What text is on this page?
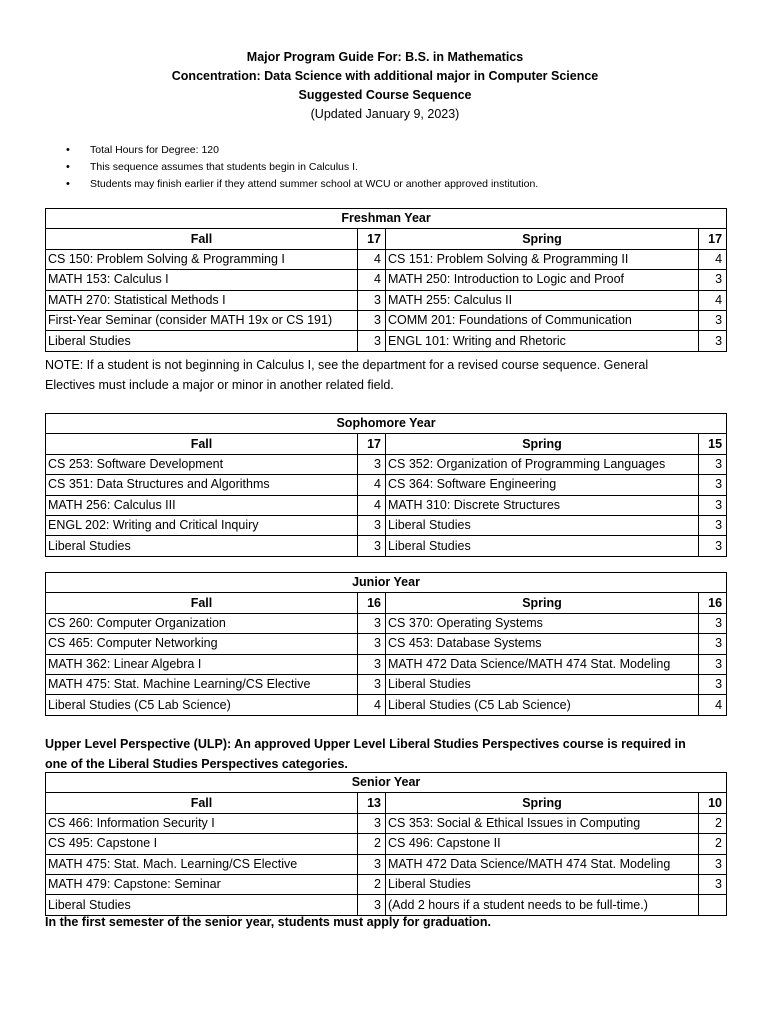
Major Program Guide For: B.S. in Mathematics
Concentration: Data Science with additional major in Computer Science
Suggested Course Sequence
(Updated January 9, 2023)
• Total Hours for Degree: 120
• This sequence assumes that students begin in Calculus I.
• Students may finish earlier if they attend summer school at WCU or another approved institution.
Freshman Year			
Fall	17	Spring	17
CS 150: Problem Solving & Programming I	4	CS 151: Problem Solving & Programming II	4
MATH 153: Calculus I	4	MATH 250: Introduction to Logic and Proof	3
MATH 270: Statistical Methods I	3	MATH 255: Calculus II	4
First-Year Seminar (consider MATH 19x or CS 191)	3	COMM 201: Foundations of Communication	3
Liberal Studies	3	ENGL 101: Writing and Rhetoric	3
NOTE: If a student is not beginning in Calculus I, see the department for a revised course sequence. General
Electives must include a major or minor in another related field.
Sophomore Year			
Fall	17	Spring	15
CS 253: Software Development	3	CS 352: Organization of Programming Languages	3
CS 351: Data Structures and Algorithms	4	CS 364: Software Engineering	3
MATH 256: Calculus III	4	MATH 310: Discrete Structures	3
ENGL 202: Writing and Critical Inquiry	3	Liberal Studies	3
Liberal Studies	3	Liberal Studies	3
Junior Year			
Fall	16	Spring	16
CS 260: Computer Organization	3	CS 370: Operating Systems	3
CS 465: Computer Networking	3	CS 453: Database Systems	3
MATH 362: Linear Algebra I	3	MATH 472 Data Science/MATH 474 Stat. Modeling	3
MATH 475: Stat. Machine Learning/CS Elective	3	Liberal Studies	3
Liberal Studies (C5 Lab Science)	4	Liberal Studies (C5 Lab Science)	4
Upper Level Perspective (ULP): An approved Upper Level Liberal Studies Perspectives course is required in
one of the Liberal Studies Perspectives categories.
Senior Year			
Fall	13	Spring	10
CS 466: Information Security I	3	CS 353: Social & Ethical Issues in Computing	2
CS 495: Capstone I	2	CS 496: Capstone II	2
MATH 475: Stat. Mach. Learning/CS Elective	3	MATH 472 Data Science/MATH 474 Stat. Modeling	3
MATH 479: Capstone: Seminar	2	Liberal Studies	3
Liberal Studies	3	(Add 2 hours if a student needs to be full-time.)	
In the first semester of the senior year, students must apply for graduation.
